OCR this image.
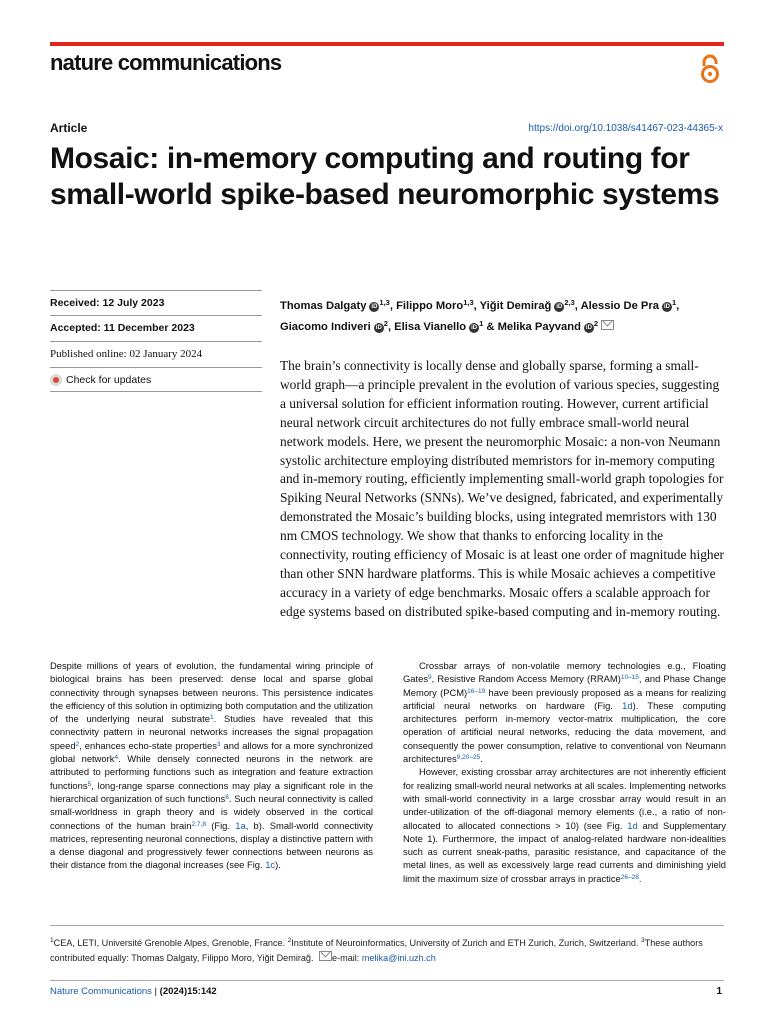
nature communications
Article	https://doi.org/10.1038/s41467-023-44365-x
Mosaic: in-memory computing and routing for small-world spike-based neuromorphic systems
Received: 12 July 2023
Accepted: 11 December 2023
Published online: 02 January 2024
Check for updates
Thomas Dalgaty iD $^{1,3}$, Filippo Moro$^{1,3}$, Yiğit Demirağ iD $^{2,3}$, Alessio De Pra iD $^1$,
Giacomo Indiveri iD $^2$, Elisa Vianello iD $^1$ & Melika Payvand iD $^2$

The brain’s connectivity is locally dense and globally sparse, forming a small-world graph—a principle prevalent in the evolution of various species, suggesting a universal solution for efficient information routing. However, current artificial neural network circuit architectures do not fully embrace small-world neural network models. Here, we present the neuromorphic Mosaic: a non-von Neumann systolic architecture employing distributed memristors for in-memory computing and in-memory routing, efficiently implementing small-world graph topologies for Spiking Neural Networks (SNNs). We’ve designed, fabricated, and experimentally demonstrated the Mosaic’s building blocks, using integrated memristors with 130 nm CMOS technology. We show that thanks to enforcing locality in the connectivity, routing efficiency of Mosaic is at least one order of magnitude higher than other SNN hardware platforms. This is while Mosaic achieves a competitive accuracy in a variety of edge benchmarks. Mosaic offers a scalable approach for edge systems based on distributed spike-based computing and in-memory routing.

Despite millions of years of evolution, the fundamental wiring principle of biological brains has been preserved: dense local and sparse global connectivity through synapses between neurons. This persistence indicates the efficiency of this solution in optimizing both computation and the utilization of the underlying neural substrate$^1$. Studies have revealed that this connectivity pattern in neuronal networks increases the signal propagation speed$^2$, enhances echo-state properties$^3$ and allows for a more synchronized global network$^4$. While densely connected neurons in the network are attributed to performing functions such as integration and feature extraction functions$^5$, long-range sparse connections may play a significant role in the hierarchical organization of such functions$^6$. Such neural connectivity is called small-worldness in graph theory and is widely observed in the cortical connections of the human brain$^{2,7,8}$ (Fig. 1a, b). Small-world connectivity matrices, representing neuronal connections, display a distinctive pattern with a dense diagonal and progressively fewer connections between neurons as their distance from the diagonal increases (see Fig. 1c).

Crossbar arrays of non-volatile memory technologies e.g., Floating Gates$^9$, Resistive Random Access Memory (RRAM)$^{10-15}$, and Phase Change Memory (PCM)$^{16-19}$ have been previously proposed as a means for realizing artificial neural networks on hardware (Fig. 1d). These computing architectures perform in-memory vector-matrix multiplication, the core operation of artificial neural networks, reducing the data movement, and consequently the power consumption, relative to conventional von Neumann architectures$^{9,20-25}$.

However, existing crossbar array architectures are not inherently efficient for realizing small-world neural networks at all scales. Implementing networks with small-world connectivity in a large crossbar array would result in an under-utilization of the off-diagonal memory elements (i.e., a ratio of non-allocated to allocated connections > 10) (see Fig. 1d and Supplementary Note 1). Furthermore, the impact of analog-related hardware non-idealities such as current sneak-paths, parasitic resistance, and capacitance of the metal lines, as well as excessively large read currents and diminishing yield limit the maximum size of crossbar arrays in practice$^{26-28}$.

$^1$CEA, LETI, Université Grenoble Alpes, Grenoble, France. $^2$Institute of Neuroinformatics, University of Zurich and ETH Zurich, Zurich, Switzerland. $^3$These authors contributed equally: Thomas Dalgaty, Filippo Moro, Yiğit Demirağ. e-mail: melika@ini.uzh.ch
Nature Communications | (2024)15:142	1
